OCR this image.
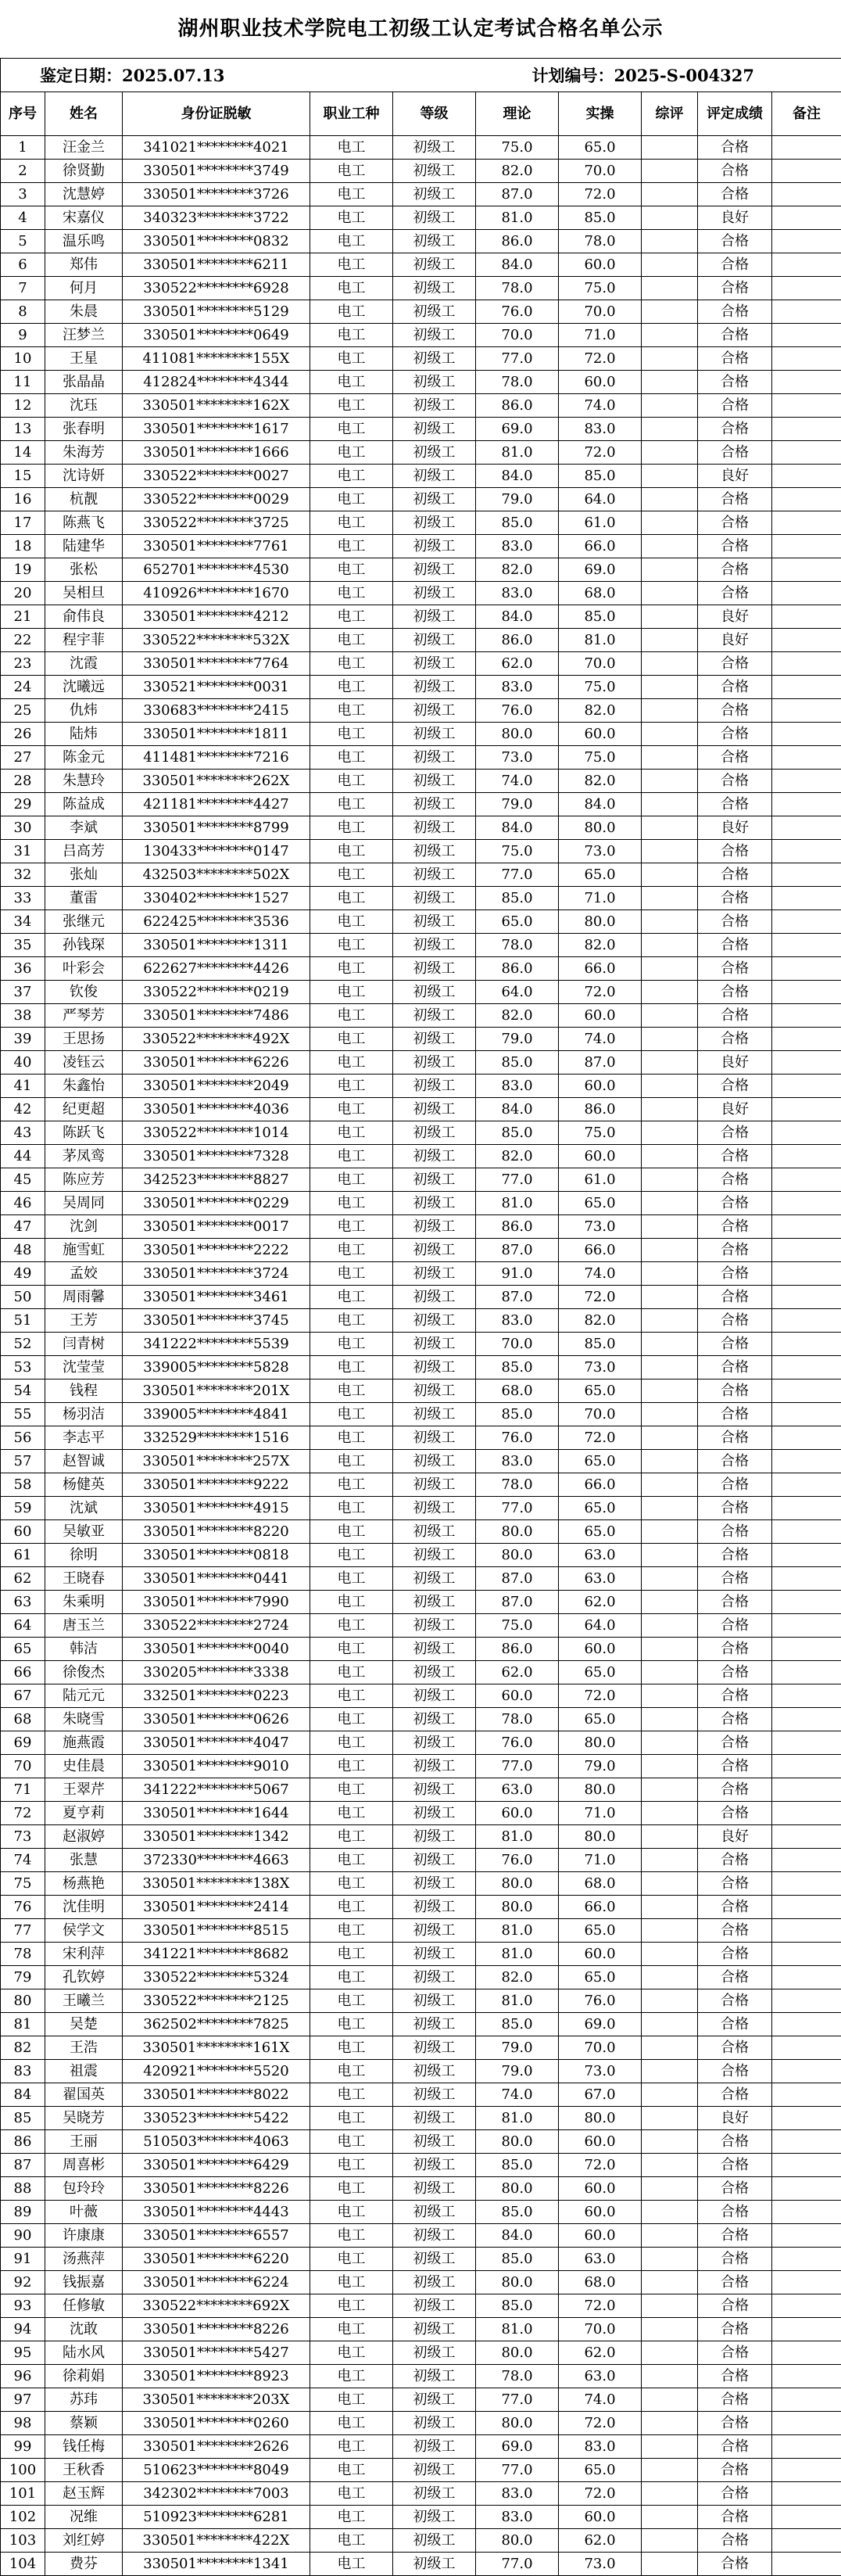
湖州职业技术学院电工初级工认定考试合格名单公示
鉴定日期：2025.07.13				计划编号：2025-S-004327					
序号	姓名	身份证脱敏	职业工种	等级	理论	实操	综评	评定成绩	备注
1	汪金兰	341021********4021	电工	初级工	75.0	65.0		合格	
2	徐贤勤	330501********3749	电工	初级工	82.0	70.0		合格	
3	沈慧婷	330501********3726	电工	初级工	87.0	72.0		合格	
4	宋嘉仪	340323********3722	电工	初级工	81.0	85.0		良好	
5	温乐鸣	330501********0832	电工	初级工	86.0	78.0		合格	
6	郑伟	330501********6211	电工	初级工	84.0	60.0		合格	
7	何月	330522********6928	电工	初级工	78.0	75.0		合格	
8	朱晨	330501********5129	电工	初级工	76.0	70.0		合格	
9	汪梦兰	330501********0649	电工	初级工	70.0	71.0		合格	
10	王星	411081********155X	电工	初级工	77.0	72.0		合格	
11	张晶晶	412824********4344	电工	初级工	78.0	60.0		合格	
12	沈珏	330501********162X	电工	初级工	86.0	74.0		合格	
13	张春明	330501********1617	电工	初级工	69.0	83.0		合格	
14	朱海芳	330501********1666	电工	初级工	81.0	72.0		合格	
15	沈诗妍	330522********0027	电工	初级工	84.0	85.0		良好	
16	杭靓	330522********0029	电工	初级工	79.0	64.0		合格	
17	陈燕飞	330522********3725	电工	初级工	85.0	61.0		合格	
18	陆建华	330501********7761	电工	初级工	83.0	66.0		合格	
19	张松	652701********4530	电工	初级工	82.0	69.0		合格	
20	吴相旦	410926********1670	电工	初级工	83.0	68.0		合格	
21	俞伟良	330501********4212	电工	初级工	84.0	85.0		良好	
22	程宇菲	330522********532X	电工	初级工	86.0	81.0		良好	
23	沈霞	330501********7764	电工	初级工	62.0	70.0		合格	
24	沈曦远	330521********0031	电工	初级工	83.0	75.0		合格	
25	仇炜	330683********2415	电工	初级工	76.0	82.0		合格	
26	陆炜	330501********1811	电工	初级工	80.0	60.0		合格	
27	陈金元	411481********7216	电工	初级工	73.0	75.0		合格	
28	朱慧玲	330501********262X	电工	初级工	74.0	82.0		合格	
29	陈益成	421181********4427	电工	初级工	79.0	84.0		合格	
30	李斌	330501********8799	电工	初级工	84.0	80.0		良好	
31	吕高芳	130433********0147	电工	初级工	75.0	73.0		合格	
32	张灿	432503********502X	电工	初级工	77.0	65.0		合格	
33	董雷	330402********1527	电工	初级工	85.0	71.0		合格	
34	张继元	622425********3536	电工	初级工	65.0	80.0		合格	
35	孙钱琛	330501********1311	电工	初级工	78.0	82.0		合格	
36	叶彩会	622627********4426	电工	初级工	86.0	66.0		合格	
37	钦俊	330522********0219	电工	初级工	64.0	72.0		合格	
38	严琴芳	330501********7486	电工	初级工	82.0	60.0		合格	
39	王思扬	330522********492X	电工	初级工	79.0	74.0		合格	
40	凌钰云	330501********6226	电工	初级工	85.0	87.0		良好	
41	朱鑫怡	330501********2049	电工	初级工	83.0	60.0		合格	
42	纪更超	330501********4036	电工	初级工	84.0	86.0		良好	
43	陈跃飞	330522********1014	电工	初级工	85.0	75.0		合格	
44	茅凤鸾	330501********7328	电工	初级工	82.0	60.0		合格	
45	陈应芳	342523********8827	电工	初级工	77.0	61.0		合格	
46	吴周同	330501********0229	电工	初级工	81.0	65.0		合格	
47	沈剑	330501********0017	电工	初级工	86.0	73.0		合格	
48	施雪虹	330501********2222	电工	初级工	87.0	66.0		合格	
49	孟姣	330501********3724	电工	初级工	91.0	74.0		合格	
50	周雨馨	330501********3461	电工	初级工	87.0	72.0		合格	
51	王芳	330501********3745	电工	初级工	83.0	82.0		合格	
52	闫青树	341222********5539	电工	初级工	70.0	85.0		合格	
53	沈莹莹	339005********5828	电工	初级工	85.0	73.0		合格	
54	钱程	330501********201X	电工	初级工	68.0	65.0		合格	
55	杨羽洁	339005********4841	电工	初级工	85.0	70.0		合格	
56	李志平	332529********1516	电工	初级工	76.0	72.0		合格	
57	赵智诚	330501********257X	电工	初级工	83.0	65.0		合格	
58	杨健英	330501********9222	电工	初级工	78.0	66.0		合格	
59	沈斌	330501********4915	电工	初级工	77.0	65.0		合格	
60	吴敏亚	330501********8220	电工	初级工	80.0	65.0		合格	
61	徐明	330501********0818	电工	初级工	80.0	63.0		合格	
62	王晓春	330501********0441	电工	初级工	87.0	63.0		合格	
63	朱乘明	330501********7990	电工	初级工	87.0	62.0		合格	
64	唐玉兰	330522********2724	电工	初级工	75.0	64.0		合格	
65	韩洁	330501********0040	电工	初级工	86.0	60.0		合格	
66	徐俊杰	330205********3338	电工	初级工	62.0	65.0		合格	
67	陆元元	332501********0223	电工	初级工	60.0	72.0		合格	
68	朱晓雪	330501********0626	电工	初级工	78.0	65.0		合格	
69	施燕霞	330501********4047	电工	初级工	76.0	80.0		合格	
70	史佳晨	330501********9010	电工	初级工	77.0	79.0		合格	
71	王翠芹	341222********5067	电工	初级工	63.0	80.0		合格	
72	夏亨莉	330501********1644	电工	初级工	60.0	71.0		合格	
73	赵淑婷	330501********1342	电工	初级工	81.0	80.0		良好	
74	张慧	372330********4663	电工	初级工	76.0	71.0		合格	
75	杨燕艳	330501********138X	电工	初级工	80.0	68.0		合格	
76	沈佳明	330501********2414	电工	初级工	80.0	66.0		合格	
77	侯学文	330501********8515	电工	初级工	81.0	65.0		合格	
78	宋利萍	341221********8682	电工	初级工	81.0	60.0		合格	
79	孔钦婷	330522********5324	电工	初级工	82.0	65.0		合格	
80	王曦兰	330522********2125	电工	初级工	81.0	76.0		合格	
81	吴楚	362502********7825	电工	初级工	85.0	69.0		合格	
82	王浩	330501********161X	电工	初级工	79.0	70.0		合格	
83	祖震	420921********5520	电工	初级工	79.0	73.0		合格	
84	翟国英	330501********8022	电工	初级工	74.0	67.0		合格	
85	吴晓芳	330523********5422	电工	初级工	81.0	80.0		良好	
86	王丽	510503********4063	电工	初级工	80.0	60.0		合格	
87	周喜彬	330501********6429	电工	初级工	85.0	72.0		合格	
88	包玲玲	330501********8226	电工	初级工	80.0	60.0		合格	
89	叶薇	330501********4443	电工	初级工	85.0	60.0		合格	
90	许康康	330501********6557	电工	初级工	84.0	60.0		合格	
91	汤燕萍	330501********6220	电工	初级工	85.0	63.0		合格	
92	钱振嘉	330501********6224	电工	初级工	80.0	68.0		合格	
93	任修敏	330522********692X	电工	初级工	85.0	72.0		合格	
94	沈敢	330501********8226	电工	初级工	81.0	70.0		合格	
95	陆水风	330501********5427	电工	初级工	80.0	62.0		合格	
96	徐莉娟	330501********8923	电工	初级工	78.0	63.0		合格	
97	苏玮	330501********203X	电工	初级工	77.0	74.0		合格	
98	蔡颖	330501********0260	电工	初级工	80.0	72.0		合格	
99	钱任梅	330501********2626	电工	初级工	69.0	83.0		合格	
100	王秋香	510623********8049	电工	初级工	77.0	65.0		合格	
101	赵玉辉	342302********7003	电工	初级工	83.0	72.0		合格	
102	况维	510923********6281	电工	初级工	83.0	60.0		合格	
103	刘红婷	330501********422X	电工	初级工	80.0	62.0		合格	
104	费芬	330501********1341	电工	初级工	77.0	73.0		合格	
